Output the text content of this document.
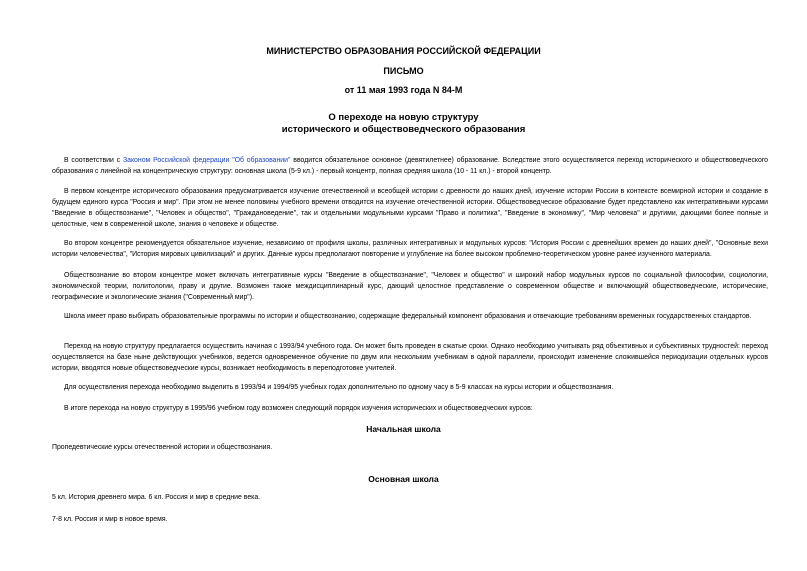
МИНИСТЕРСТВО ОБРАЗОВАНИЯ РОССИЙСКОЙ ФЕДЕРАЦИИ
ПИСЬМО
от 11 мая 1993 года N 84-М
О переходе на новую структуру
исторического и обществоведческого образования
В соответствии с Законом Российской федерации "Об образовании" вводится обязательное основное (девятилетнее) образование. Вследствие этого осуществляется переход исторического и обществоведческого образования с линейной на концентрическую структуру: основная школа (5-9 кл.) - первый концентр, полная средняя школа (10 - 11 кл.) - второй концентр.
В первом концентре исторического образования предусматривается изучение отечественной и всеобщей истории с древности до наших дней, изучение истории России в контексте всемирной истории и создание в будущем единого курса "Россия и мир". При этом не менее половины учебного времени отводится на изучение отечественной истории. Обществоведческое образование будет представлено как интегративными курсами "Введение в обществознание", "Человек и общество", "Граждановедение", так и отдельными модульными курсами "Право и политика", "Введение в экономику", "Мир человека" и другими, дающими более полные и целостные, чем в современной школе, знания о человеке и обществе.
Во втором концентре рекомендуется обязательное изучение, независимо от профиля школы, различных интегративных и модульных курсов: "История России с древнейших времен до наших дней", "Основные вехи истории человечества", "История мировых цивилизаций" и других. Данные курсы предполагают повторение и углубление на более высоком проблемно-теоретическом уровне ранее изученного материала.
Обществознание во втором концентре может включать интегративные курсы "Введение в обществознание", "Человек и общество" и широкий набор модульных курсов по социальной философии, социологии, экономической теории, политологии, праву и другие. Возможен также междисциплинарный курс, дающий целостное представление о современном обществе и включающий обществоведческие, исторические, географические и экологические знания ("Современный мир").
Школа имеет право выбирать образовательные программы по истории и обществознанию, содержащие федеральный компонент образования и отвечающие требованиям временных государственных стандартов.
Переход на новую структуру предлагается осуществить начиная с 1993/94 учебного года. Он может быть проведен в сжатые сроки. Однако необходимо учитывать ряд объективных и субъективных трудностей: переход осуществляется на базе ныне действующих учебников, ведется одновременное обучение по двум или нескольким учебникам в одной параллели, происходит изменение сложившейся периодизации отдельных курсов истории, вводятся новые обществоведческие курсы, возникает необходимость в переподготовке учителей.
Для осуществления перехода необходимо выделить в 1993/94 и 1994/95 учебных годах дополнительно по одному часу в 5-9 классах на курсы истории и обществознания.
В итоге перехода на новую структуру в 1995/96 учебном году возможен следующий порядок изучения исторических и обществоведческих курсов:
Начальная школа
Пропедевтические курсы отечественной истории и обществознания.
Основная школа
5 кл. История древнего мира. 6 кл. Россия и мир в средние века.
7-8 кл. Россия и мир в новое время.
